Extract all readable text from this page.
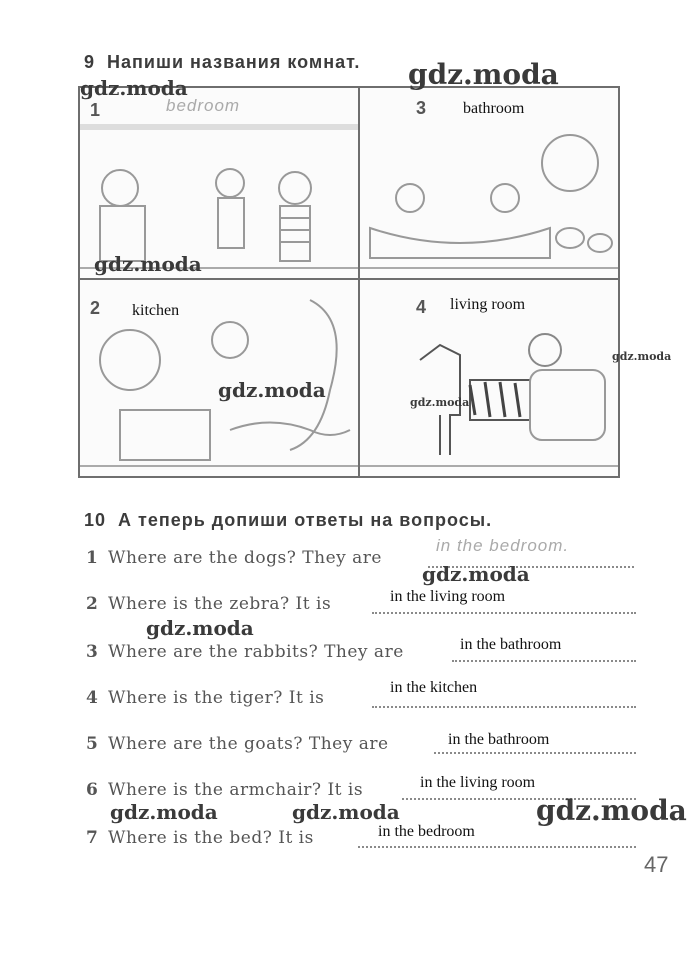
9 Напиши названия комнат.
1	bedroom
2 kitchen
3 bathroom
4 living room
10 А теперь допиши ответы на вопросы.
1 Where are the dogs? They are
in the bedroom.
2 Where is the zebra? It is	in the living room
3 Where are the rabbits? They are	in the bathroom
4 Where is the tiger? It is
in the kitchen
5 Where are the goats? They are	in the bathroom
6 Where is the armchair? It is	in the living room
7 Where is the bed? It is	in the bedroom
gdz.moda
gdz.moda
gdz.moda
gdz.moda
gdz.moda
gdz.moda
gdz.moda
gdz.moda
gdz.moda	gdz.moda	gdz.moda
47
